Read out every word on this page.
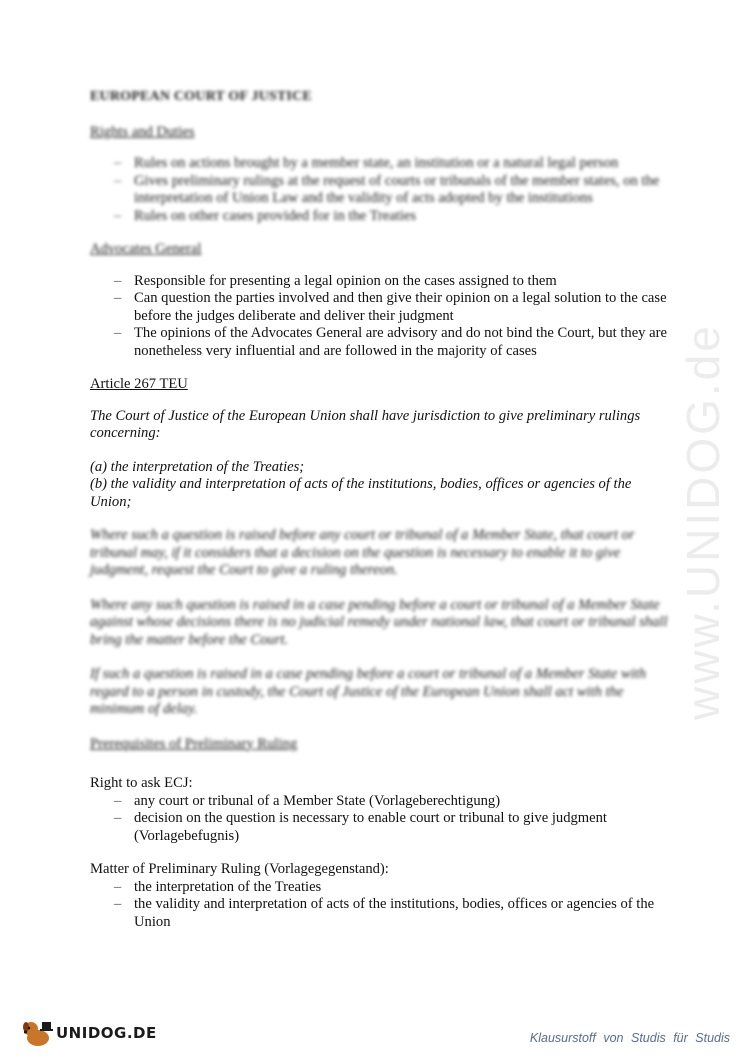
www.UNIDOG.de
EUROPEAN COURT OF JUSTICE
Rights and Duties
– Rules on actions brought by a member state, an institution or a natural legal person
– Gives preliminary rulings at the request of courts or tribunals of the member states, on the interpretation of Union Law and the validity of acts adopted by the institutions
– Rules on other cases provided for in the Treaties
Advocates General
– Responsible for presenting a legal opinion on the cases assigned to them
– Can question the parties involved and then give their opinion on a legal solution to the case before the judges deliberate and deliver their judgment
– The opinions of the Advocates General are advisory and do not bind the Court, but they are nonetheless very influential and are followed in the majority of cases
Article 267 TEU
The Court of Justice of the European Union shall have jurisdiction to give preliminary rulings concerning:
(a) the interpretation of the Treaties;
(b) the validity and interpretation of acts of the institutions, bodies, offices or agencies of the Union;
Where such a question is raised before any court or tribunal of a Member State, that court or tribunal may, if it considers that a decision on the question is necessary to enable it to give judgment, request the Court to give a ruling thereon.
Where any such question is raised in a case pending before a court or tribunal of a Member State against whose decisions there is no judicial remedy under national law, that court or tribunal shall bring the matter before the Court.
If such a question is raised in a case pending before a court or tribunal of a Member State with regard to a person in custody, the Court of Justice of the European Union shall act with the minimum of delay.
Prerequisites of Preliminary Ruling
Right to ask ECJ:
– any court or tribunal of a Member State (Vorlageberechtigung)
– decision on the question is necessary to enable court or tribunal to give judgment (Vorlagebefugnis)
Matter of Preliminary Ruling (Vorlagegegenstand):
– the interpretation of the Treaties
– the validity and interpretation of acts of the institutions, bodies, offices or agencies of the Union
UNIDOG.DE	Klausurstoff von Studis für Studis
